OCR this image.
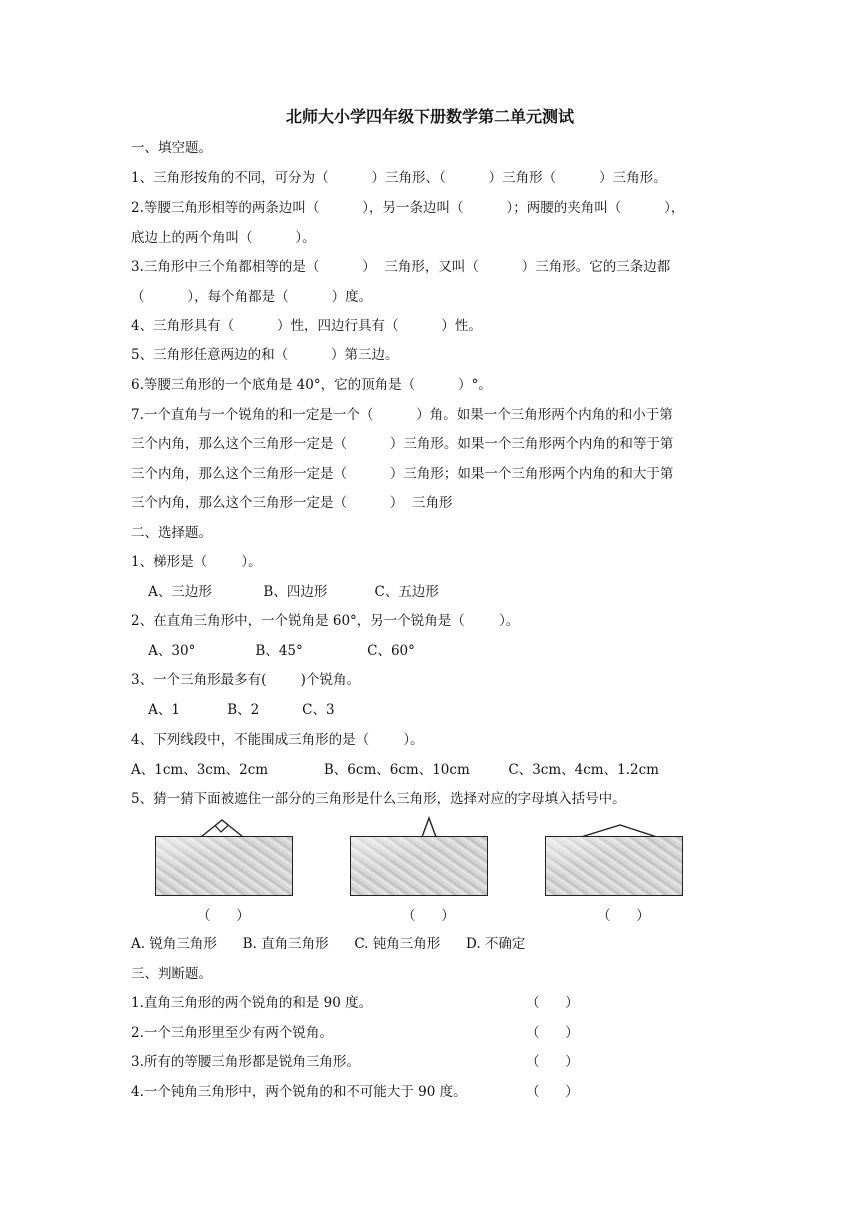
北师大小学四年级下册数学第二单元测试
一、填空题。
1、三角形按角的不同，可分为（          ）三角形、（          ）三角形（          ）三角形。
2.等腰三角形相等的两条边叫（          ），另一条边叫（          ）；两腰的夹角叫（          ），
底边上的两个角叫（          ）。
3.三角形中三个角都相等的是（          ）  三角形，又叫（          ）三角形。它的三条边都
（          ），每个角都是（          ）度。
4、三角形具有（          ）性，四边行具有（          ）性。
5、三角形任意两边的和（          ）第三边。
6.等腰三角形的一个底角是 40°，它的顶角是（          ）°。
7.一个直角与一个锐角的和一定是一个（          ）角。如果一个三角形两个内角的和小于第
三个内角，那么这个三角形一定是（          ）三角形。如果一个三角形两个内角的和等于第
三个内角，那么这个三角形一定是（          ）三角形；如果一个三角形两个内角的和大于第
三个内角，那么这个三角形一定是（          ）  三角形
二、选择题。
1、梯形是（        ）。
A、三边形            B、四边形           C、五边形
2、在直角三角形中，一个锐角是 60°，另一个锐角是（        ）。
A、30°              B、45°               C、60°
3、一个三角形最多有(        )个锐角。
A、1           B、2          C、3
4、下列线段中，不能围成三角形的是（        ）。
A、1cm、3cm、2cm             B、6cm、6cm、10cm         C、3cm、4cm、1.2cm
5、猜一猜下面被遮住一部分的三角形是什么三角形，选择对应的字母填入括号中。
A. 锐角三角形      B. 直角三角形      C. 钝角三角形      D. 不确定
三、判断题。
1.直角三角形的两个锐角的和是 90 度。
2.一个三角形里至少有两个锐角。
3.所有的等腰三角形都是锐角三角形。
4.一个钝角三角形中，两个锐角的和不可能大于 90 度。
（      ）	（      ）	（      ）
（      ）
（      ）
（      ）
（      ）
